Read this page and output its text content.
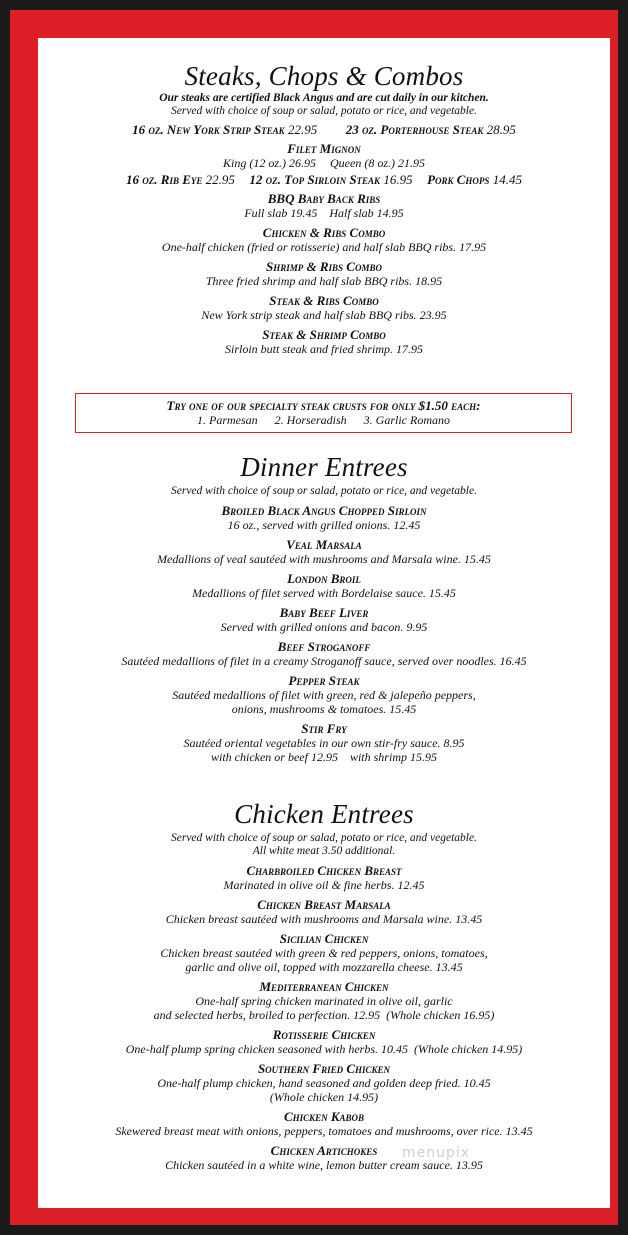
Steaks, Chops & Combos
Our steaks are certified Black Angus and are cut daily in our kitchen.
Served with choice of soup or salad, potato or rice, and vegetable.
16 oz. New York Strip Steak 22.95 23 oz. Porterhouse Steak 28.95
Filet Mignon
King (12 oz.) 26.95 Queen (8 oz.) 21.95
16 oz. Rib Eye 22.95 12 oz. Top Sirloin Steak 16.95 Pork Chops 14.45
BBQ Baby Back Ribs
Full slab 19.45    Half slab 14.95
Chicken & Ribs Combo
One-half chicken (fried or rotisserie) and half slab BBQ ribs. 17.95
Shrimp & Ribs Combo
Three fried shrimp and half slab BBQ ribs. 18.95
Steak & Ribs Combo
New York strip steak and half slab BBQ ribs. 23.95
Steak & Shrimp Combo
Sirloin butt steak and fried shrimp. 17.95
Try one of our specialty steak crusts for only $1.50 each:
1. Parmesan 2. Horseradish 3. Garlic Romano
Dinner Entrees
Served with choice of soup or salad, potato or rice, and vegetable.
Broiled Black Angus Chopped Sirloin
16 oz., served with grilled onions. 12.45
Veal Marsala
Medallions of veal sautéed with mushrooms and Marsala wine. 15.45
London Broil
Medallions of filet served with Bordelaise sauce. 15.45
Baby Beef Liver
Served with grilled onions and bacon. 9.95
Beef Stroganoff
Sautéed medallions of filet in a creamy Stroganoff sauce, served over noodles. 16.45
Pepper Steak
Sautéed medallions of filet with green, red & jalepeño peppers,
onions, mushrooms & tomatoes. 15.45
Stir Fry
Sautéed oriental vegetables in our own stir-fry sauce. 8.95
with chicken or beef 12.95    with shrimp 15.95
Chicken Entrees
Served with choice of soup or salad, potato or rice, and vegetable.
All white meat 3.50 additional.
Charbroiled Chicken Breast
Marinated in olive oil & fine herbs. 12.45
Chicken Breast Marsala
Chicken breast sautéed with mushrooms and Marsala wine. 13.45
Sicilian Chicken
Chicken breast sautéed with green & red peppers, onions, tomatoes,
garlic and olive oil, topped with mozzarella cheese. 13.45
Mediterranean Chicken
One-half spring chicken marinated in olive oil, garlic
and selected herbs, broiled to perfection. 12.95  (Whole chicken 16.95)
Rotisserie Chicken
One-half plump spring chicken seasoned with herbs. 10.45  (Whole chicken 14.95)
Southern Fried Chicken
One-half plump chicken, hand seasoned and golden deep fried. 10.45
(Whole chicken 14.95)
Chicken Kabob
Skewered breast meat with onions, peppers, tomatoes and mushrooms, over rice. 13.45
Chicken Artichokes
Chicken sautéed in a white wine, lemon butter cream sauce. 13.95
menupix
